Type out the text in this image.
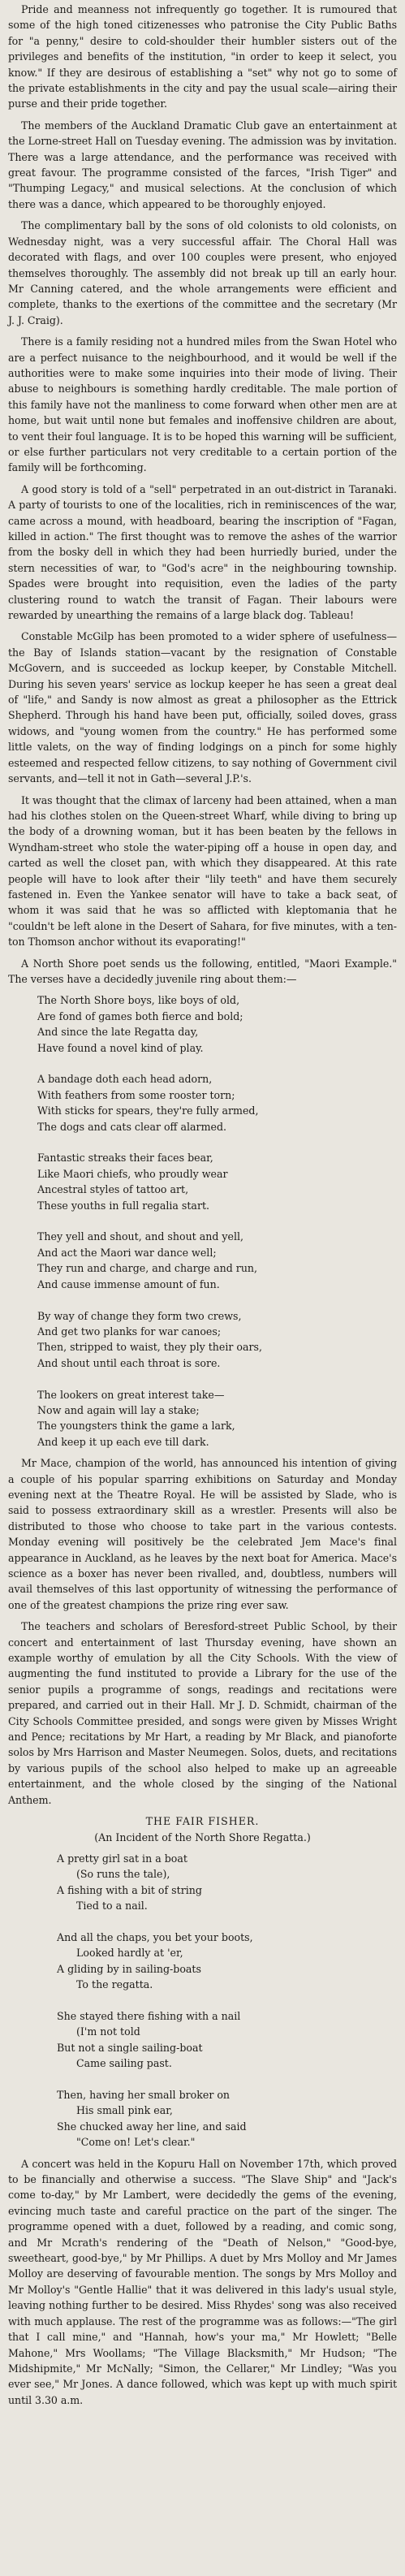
Pride and meanness not infrequently go together. It is rumoured that some of the high toned citizenesses who patronise the City Public Baths for "a penny," desire to cold-shoulder their humbler sisters out of the privileges and benefits of the institution, "in order to keep it select, you know." If they are desirous of establishing a "set" why not go to some of the private establishments in the city and pay the usual scale—airing their purse and their pride together.

The members of the Auckland Dramatic Club gave an entertainment at the Lorne-street Hall on Tuesday evening. The admission was by invitation. There was a large attendance, and the performance was received with great favour. The programme consisted of the farces, "Irish Tiger" and "Thumping Legacy," and musical selections. At the conclusion of which there was a dance, which appeared to be thoroughly enjoyed.

The complimentary ball by the sons of old colonists to old colonists, on Wednesday night, was a very successful affair. The Choral Hall was decorated with flags, and over 100 couples were present, who enjoyed themselves thoroughly. The assembly did not break up till an early hour. Mr Canning catered, and the whole arrangements were efficient and complete, thanks to the exertions of the committee and the secretary (Mr J. J. Craig).

There is a family residing not a hundred miles from the Swan Hotel who are a perfect nuisance to the neighbourhood, and it would be well if the authorities were to make some inquiries into their mode of living. Their abuse to neighbours is something hardly creditable. The male portion of this family have not the manliness to come forward when other men are at home, but wait until none but females and inoffensive children are about, to vent their foul language. It is to be hoped this warning will be sufficient, or else further particulars not very creditable to a certain portion of the family will be forthcoming.

A good story is told of a "sell" perpetrated in an out-district in Taranaki. A party of tourists to one of the localities, rich in reminiscences of the war, came across a mound, with headboard, bearing the inscription of "Fagan, killed in action." The first thought was to remove the ashes of the warrior from the bosky dell in which they had been hurriedly buried, under the stern necessities of war, to "God's acre" in the neighbouring township. Spades were brought into requisition, even the ladies of the party clustering round to watch the transit of Fagan. Their labours were rewarded by unearthing the remains of a large black dog. Tableau!

Constable McGilp has been promoted to a wider sphere of usefulness—the Bay of Islands station—vacant by the resignation of Constable McGovern, and is succeeded as lockup keeper, by Constable Mitchell. During his seven years' service as lockup keeper he has seen a great deal of "life," and Sandy is now almost as great a philosopher as the Ettrick Shepherd. Through his hand have been put, officially, soiled doves, grass widows, and "young women from the country." He has performed some little valets, on the way of finding lodgings on a pinch for some highly esteemed and respected fellow citizens, to say nothing of Government civil servants, and—tell it not in Gath—several J.P.'s.

It was thought that the climax of larceny had been attained, when a man had his clothes stolen on the Queen-street Wharf, while diving to bring up the body of a drowning woman, but it has been beaten by the fellows in Wyndham-street who stole the water-piping off a house in open day, and carted as well the closet pan, with which they disappeared. At this rate people will have to look after their "lily teeth" and have them securely fastened in. Even the Yankee senator will have to take a back seat, of whom it was said that he was so afflicted with kleptomania that he "couldn't be left alone in the Desert of Sahara, for five minutes, with a ten-ton Thomson anchor without its evaporating!"

A North Shore poet sends us the following, entitled, "Maori Example." The verses have a decidedly juvenile ring about them:—

The North Shore boys, like boys of old,
Are fond of games both fierce and bold;
And since the late Regatta day,
Have found a novel kind of play.

A bandage doth each head adorn,
With feathers from some rooster torn;
With sticks for spears, they're fully armed,
The dogs and cats clear off alarmed.

Fantastic streaks their faces bear,
Like Maori chiefs, who proudly wear
Ancestral styles of tattoo art,
These youths in full regalia start.

They yell and shout, and shout and yell,
And act the Maori war dance well;
They run and charge, and charge and run,
And cause immense amount of fun.

By way of change they form two crews,
And get two planks for war canoes;
Then, stripped to waist, they ply their oars,
And shout until each throat is sore.

The lookers on great interest take—
Now and again will lay a stake;
The youngsters think the game a lark,
And keep it up each eve till dark.

Mr Mace, champion of the world, has announced his intention of giving a couple of his popular sparring exhibitions on Saturday and Monday evening next at the Theatre Royal. He will be assisted by Slade, who is said to possess extraordinary skill as a wrestler. Presents will also be distributed to those who choose to take part in the various contests. Monday evening will positively be the celebrated Jem Mace's final appearance in Auckland, as he leaves by the next boat for America. Mace's science as a boxer has never been rivalled, and, doubtless, numbers will avail themselves of this last opportunity of witnessing the performance of one of the greatest champions the prize ring ever saw.

The teachers and scholars of Beresford-street Public School, by their concert and entertainment of last Thursday evening, have shown an example worthy of emulation by all the City Schools. With the view of augmenting the fund instituted to provide a Library for the use of the senior pupils a programme of songs, readings and recitations were prepared, and carried out in their Hall. Mr J. D. Schmidt, chairman of the City Schools Committee presided, and songs were given by Misses Wright and Pence; recitations by Mr Hart, a reading by Mr Black, and pianoforte solos by Mrs Harrison and Master Neumegen. Solos, duets, and recitations by various pupils of the school also helped to make up an agreeable entertainment, and the whole closed by the singing of the National Anthem.

THE FAIR FISHER.

(An Incident of the North Shore Regatta.)

A pretty girl sat in a boat
(So runs the tale),
A fishing with a bit of string
Tied to a nail.

And all the chaps, you bet your boots,
Looked hardly at 'er,
A gliding by in sailing-boats
To the regatta.

She stayed there fishing with a nail
(I'm not told
But not a single sailing-boat
Came sailing past.

Then, having her small broker on
His small pink ear,
She chucked away her line, and said
"Come on! Let's clear."

A concert was held in the Kopuru Hall on November 17th, which proved to be financially and otherwise a success. "The Slave Ship" and "Jack's come to-day," by Mr Lambert, were decidedly the gems of the evening, evincing much taste and careful practice on the part of the singer. The programme opened with a duet, followed by a reading, and comic song, and Mr Mcrath's rendering of the "Death of Nelson," "Good-bye, sweetheart, good-bye," by Mr Phillips. A duet by Mrs Molloy and Mr James Molloy are deserving of favourable mention. The songs by Mrs Molloy and Mr Molloy's "Gentle Hallie" that it was delivered in this lady's usual style, leaving nothing further to be desired. Miss Rhydes' song was also received with much applause. The rest of the programme was as follows:—"The girl that I call mine," and "Hannah, how's your ma," Mr Howlett; "Belle Mahone," Mrs Woollams; "The Village Blacksmith," Mr Hudson; "The Midshipmite," Mr McNally; "Simon, the Cellarer," Mr Lindley; "Was you ever see," Mr Jones. A dance followed, which was kept up with much spirit until 3.30 a.m.
